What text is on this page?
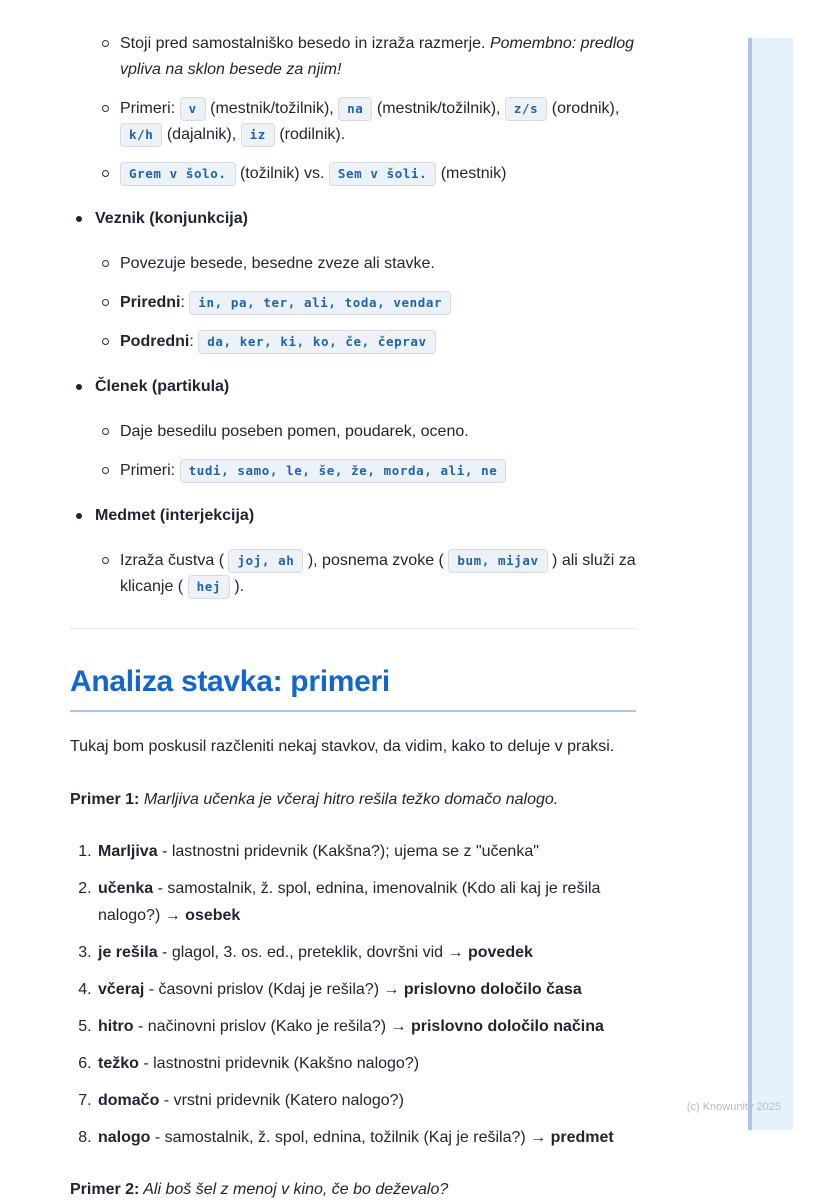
(c) Knowunity 2025
Stoji pred samostalniško besedo in izraža razmerje. Pomembno: predlog vpliva na sklon besede za njim!
Primeri: v (mestnik/tožilnik), na (mestnik/tožilnik), z/s (orodnik), k/h (dajalnik), iz (rodilnik).
Grem v šolo. (tožilnik) vs. Sem v šoli. (mestnik)
Veznik (konjunkcija)
Povezuje besede, besedne zveze ali stavke.
Priredni: in, pa, ter, ali, toda, vendar
Podredni: da, ker, ki, ko, če, čeprav
Členek (partikula)
Daje besedilu poseben pomen, poudarek, oceno.
Primeri: tudi, samo, le, še, že, morda, ali, ne
Medmet (interjekcija)
Izraža čustva ( joj, ah ), posnema zvoke ( bum, mijav ) ali služi za klicanje ( hej ).
Analiza stavka: primeri

Tukaj bom poskusil razčleniti nekaj stavkov, da vidim, kako to deluje v praksi.

Primer 1: Marljiva učenka je včeraj hitro rešila težko domačo nalogo.

1. Marljiva - lastnostni pridevnik (Kakšna?); ujema se z "učenka"
2. učenka - samostalnik, ž. spol, ednina, imenovalnik (Kdo ali kaj je rešila nalogo?) → osebek
3. je rešila - glagol, 3. os. ed., preteklik, dovršni vid → povedek
4. včeraj - časovni prislov (Kdaj je rešila?) → prislovno določilo časa
5. hitro - načinovni prislov (Kako je rešila?) → prislovno določilo načina
6. težko - lastnostni pridevnik (Kakšno nalogo?)
7. domačo - vrstni pridevnik (Katero nalogo?)
8. nalogo - samostalnik, ž. spol, ednina, tožilnik (Kaj je rešila?) → predmet

Primer 2: Ali boš šel z menoj v kino, če bo deževalo?
